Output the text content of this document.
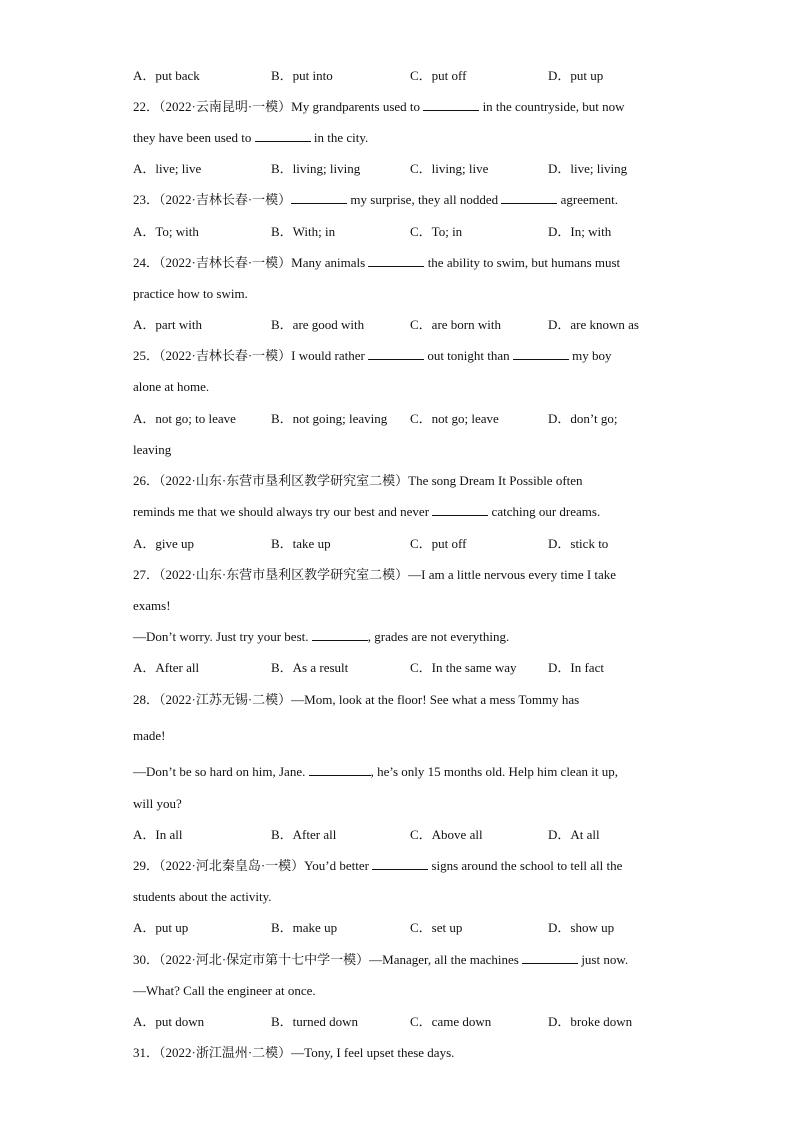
A．put back	B．put into	C．put off	D．put up
22．（2022·云南昆明·一模）My grandparents used to	in the countryside, but now
they have been used to	in the city.
A．live; live	B．living; living	C．living; live	D．live; living
23．（2022·吉林长春·一模）	my surprise, they all nodded	agreement.
A．To; with	B．With; in	C．To; in	D．In; with
24．（2022·吉林长春·一模）Many animals	the ability to swim, but humans must
practice how to swim.
A．part with	B．are good with	C．are born with	D．are known as
25．（2022·吉林长春·一模）I would rather	out tonight than	my boy
alone at home.
A．not go; to leave	B．not going; leaving C．not go; leave	D．don’t go;
leaving
26．（2022·山东·东营市垦利区教学研究室二模）The song Dream It Possible often
reminds me that we should always try our best and never	catching our dreams.
A．give up	B．take up	C．put off	D．stick to
27．（2022·山东·东营市垦利区教学研究室二模）—I am a little nervous every time I take
exams!
—Don’t worry. Just try your best.	, grades are not everything.
A．After all	B．As a result	C．In the same way D．In fact
28．（2022·江苏无锡·二模）—Mom, look at the floor! See what a mess Tommy has
made!
—Don’t be so hard on him, Jane.	, he’s only 15 months old. Help him clean it up,
will you?
A．In all	B．After all	C．Above all	D．At all
29．（2022·河北秦皇岛·一模）You’d better	signs around the school to tell all the
students about the activity.
A．put up	B．make up	C．set up	D．show up
30．（2022·河北·保定市第十七中学一模）—Manager, all the machines	just now.
—What? Call the engineer at once.
A．put down	B．turned down	C．came down	D．broke down
31．（2022·浙江温州·二模）—Tony, I feel upset these days.
